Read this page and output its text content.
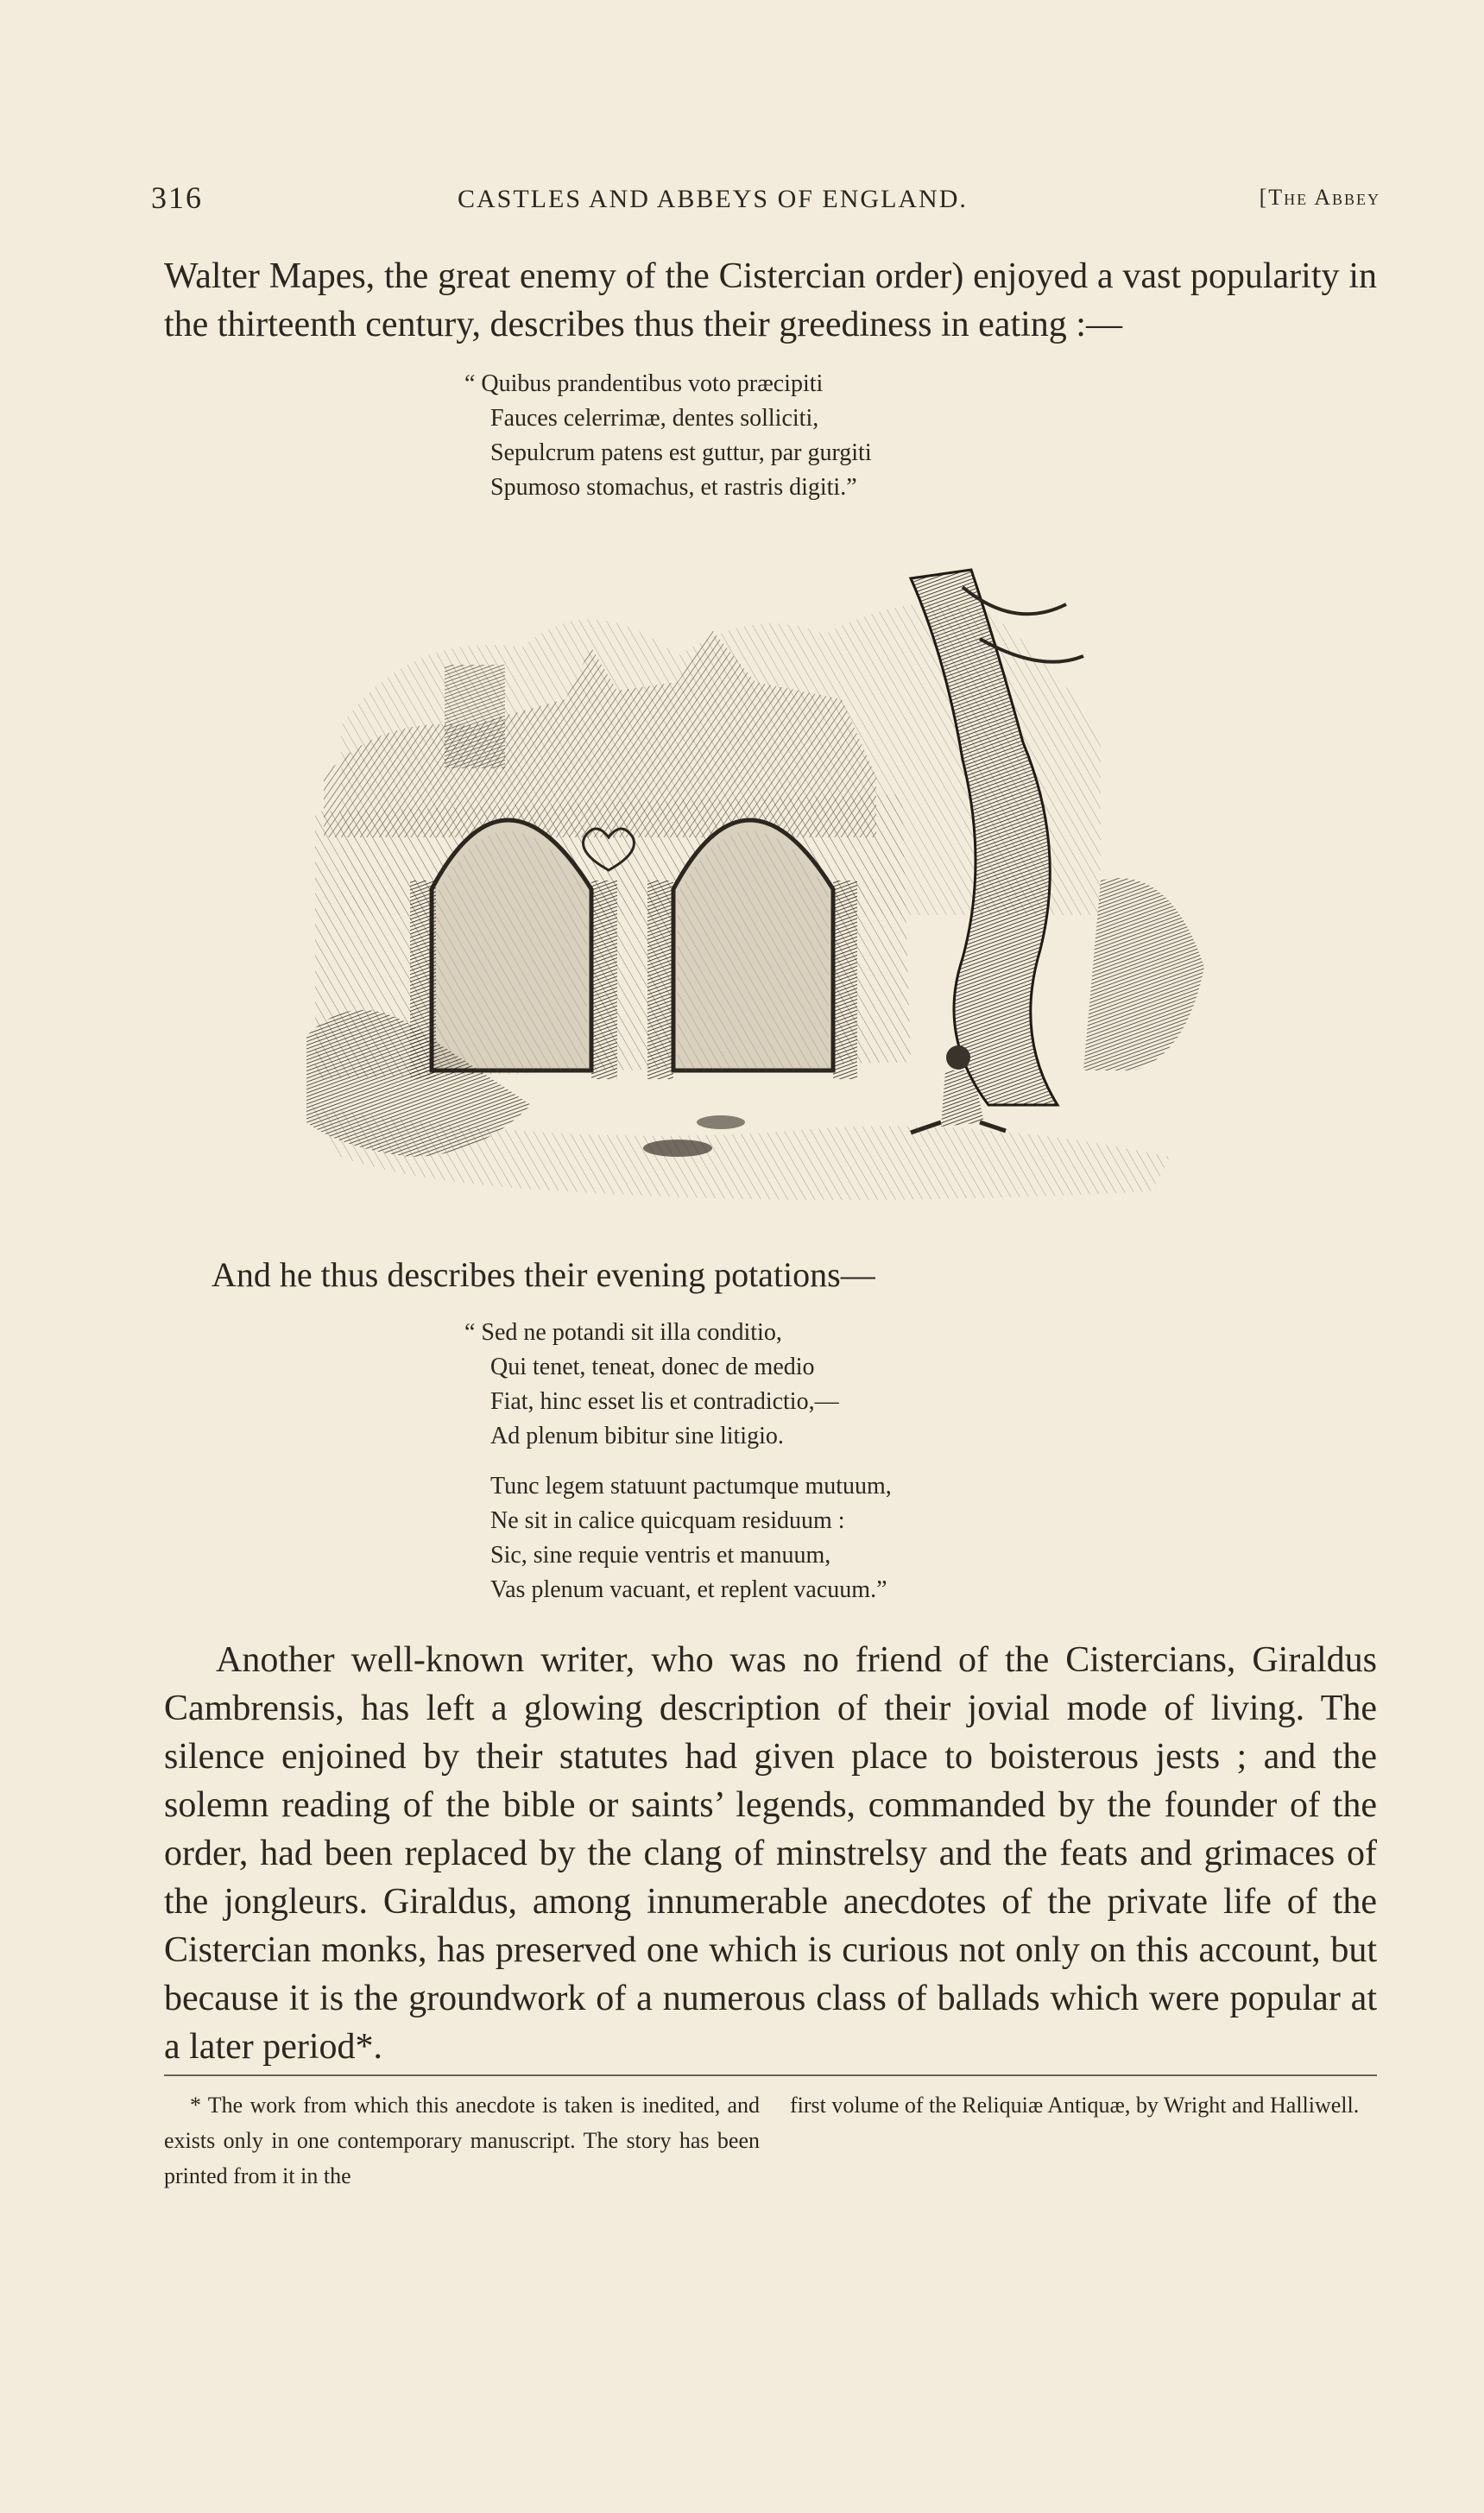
316	CASTLES AND ABBEYS OF ENGLAND.	[The Abbey

Walter Mapes, the great enemy of the Cistercian order) enjoyed a vast popularity in the thirteenth century, describes thus their greediness in eating :—

“ Quibus prandentibus voto præcipiti
Fauces celerrimæ, dentes solliciti,
Sepulcrum patens est guttur, par gurgiti
Spumoso stomachus, et rastris digiti.”
And he thus describes their evening potations—
“ Sed ne potandi sit illa conditio,
Qui tenet, teneat, donec de medio
Fiat, hinc esset lis et contradictio,—
Ad plenum bibitur sine litigio.
Tunc legem statuunt pactumque mutuum,
Ne sit in calice quicquam residuum :
Sic, sine requie ventris et manuum,
Vas plenum vacuant, et replent vacuum.”

Another well-known writer, who was no friend of the Cistercians, Giraldus Cambrensis, has left a glowing description of their jovial mode of living. The silence enjoined by their statutes had given place to boisterous jests ; and the solemn reading of the bible or saints’ legends, commanded by the founder of the order, had been replaced by the clang of minstrelsy and the feats and grimaces of the jongleurs. Giraldus, among innumerable anecdotes of the private life of the Cistercian monks, has preserved one which is curious not only on this account, but because it is the groundwork of a numerous class of ballads which were popular at a later period*.

* The work from which this anecdote is taken is inedited, and exists only in one contemporary manuscript. The story has been printed from it in the
first volume of the Reliquiæ Antiquæ, by Wright and Halliwell.
